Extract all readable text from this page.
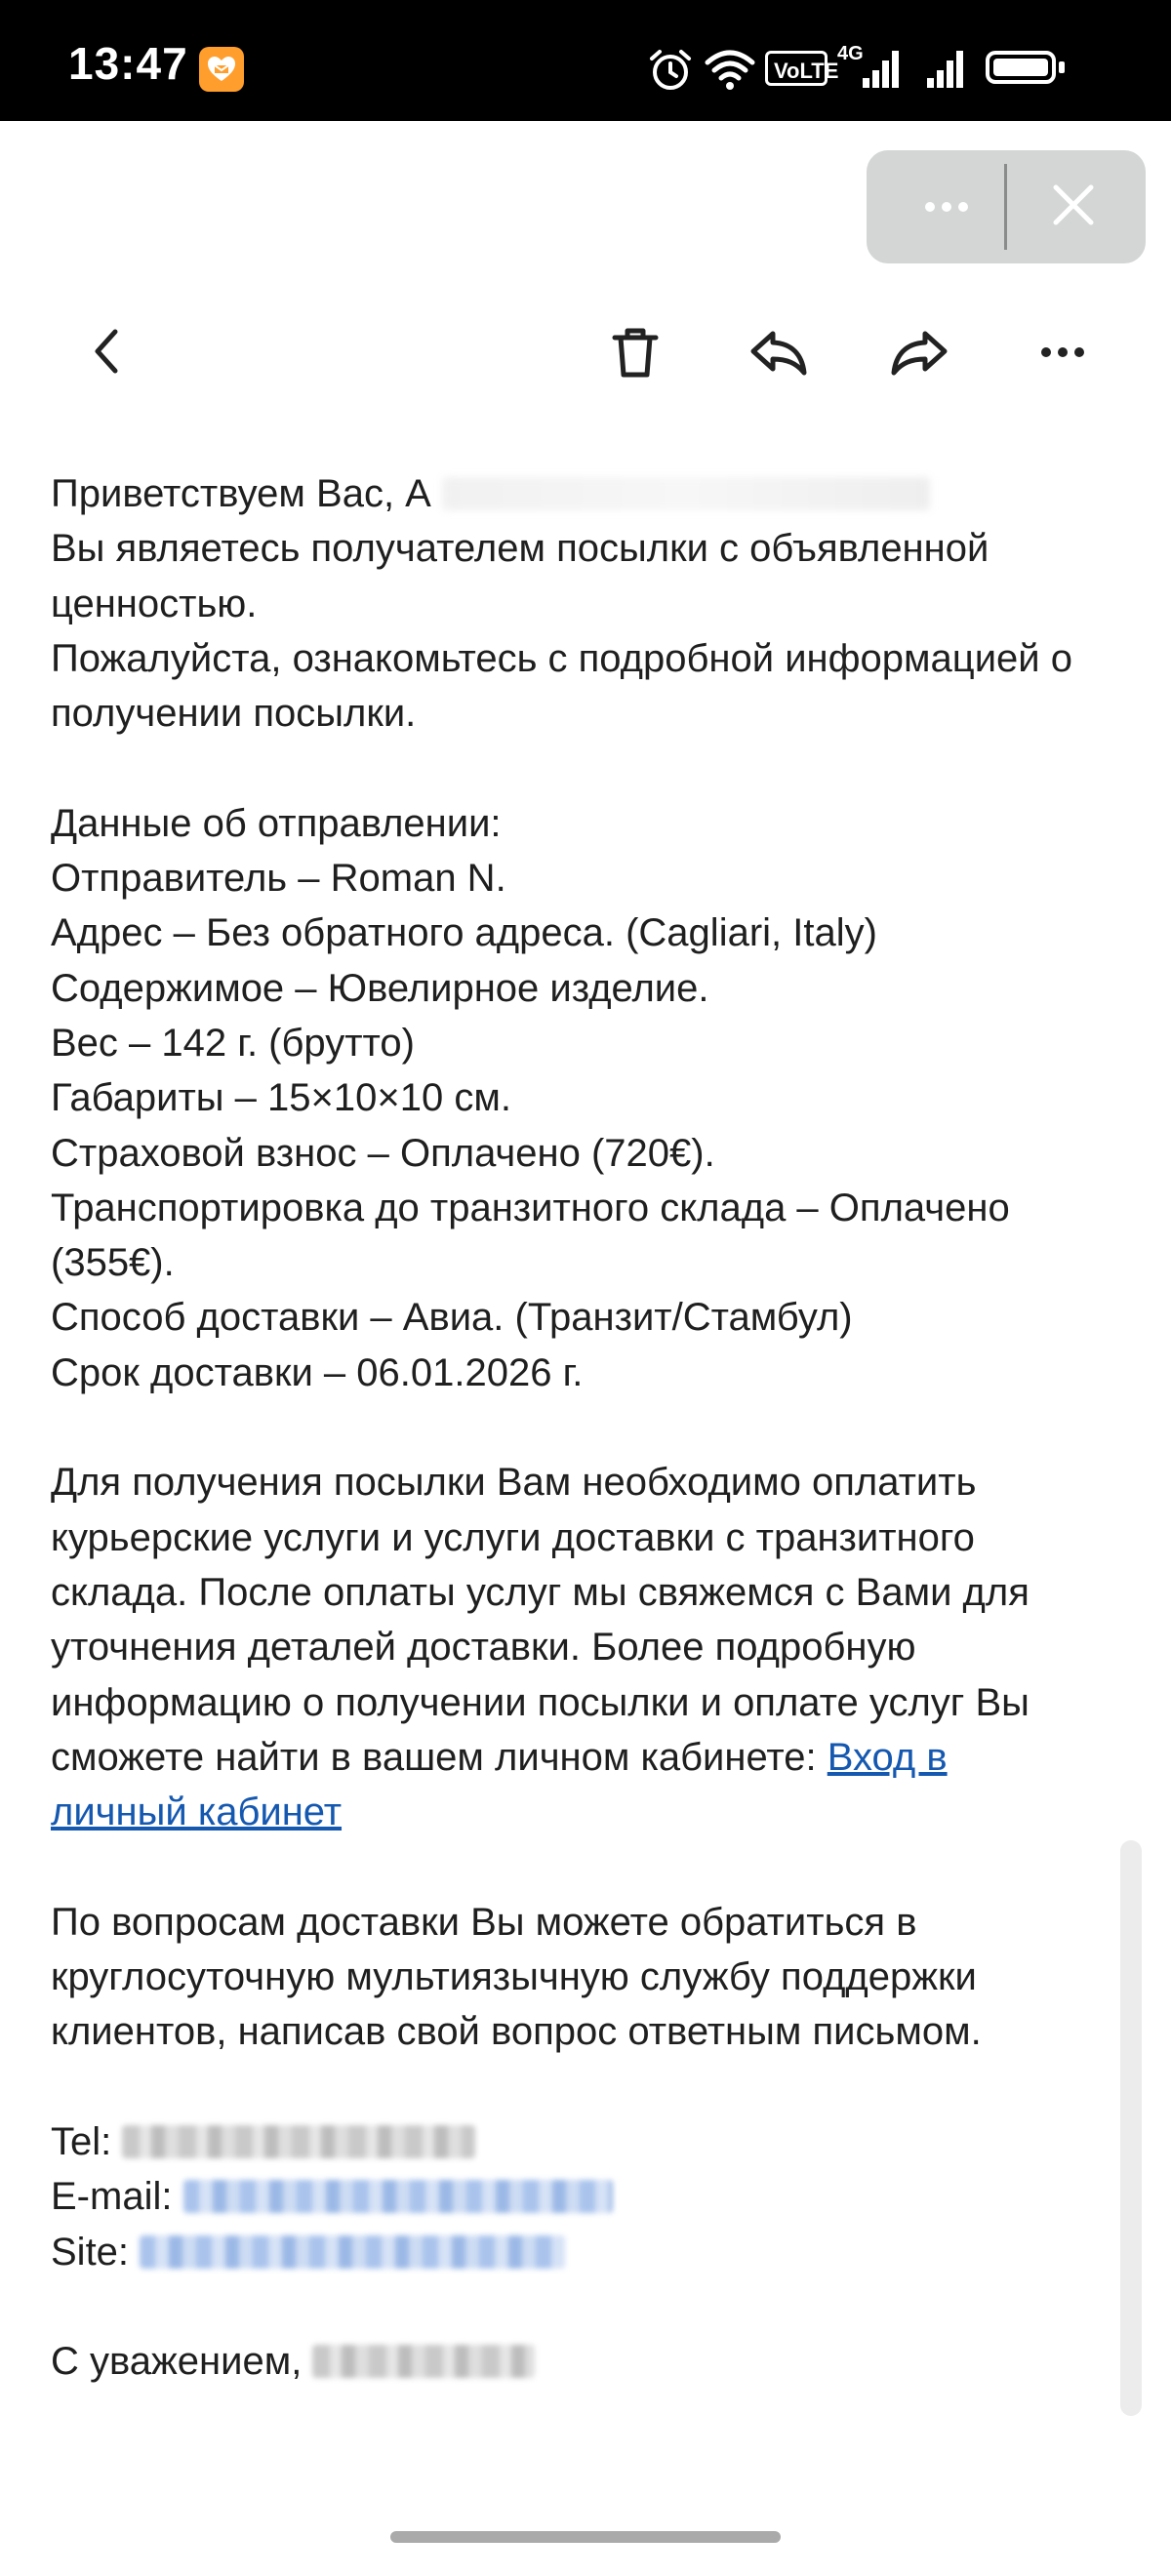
13:47	VoLTE
4G

Приветствуем Вас, А

Вы являетесь получателем посылки с объявленной ценностью.

Пожалуйста, ознакомьтесь с подробной информацией о получении посылки.

Данные об отправлении:

Отправитель – Roman N.

Адрес – Без обратного адреса. (Cagliari, Italy)

Содержимое – Ювелирное изделие.

Вес – 142 г. (брутто)

Габариты – 15×10×10 см.

Страховой взнос – Оплачено (720€).

Транспортировка до транзитного склада – Оплачено (355€).

Способ доставки – Авиа. (Транзит/Стамбул)

Срок доставки – 06.01.2026 г.

Для получения посылки Вам необходимо оплатить курьерские услуги и услуги доставки с транзитного склада. После оплаты услуг мы свяжемся с Вами для уточнения деталей доставки. Более подробную информацию о получении посылки и оплате услуг Вы сможете найти в вашем личном кабинете: Вход в личный кабинет

По вопросам доставки Вы можете обратиться в круглосуточную мультиязычную службу поддержки клиентов, написав свой вопрос ответным письмом.

Tel:

E-mail:

Site:

С уважением,
